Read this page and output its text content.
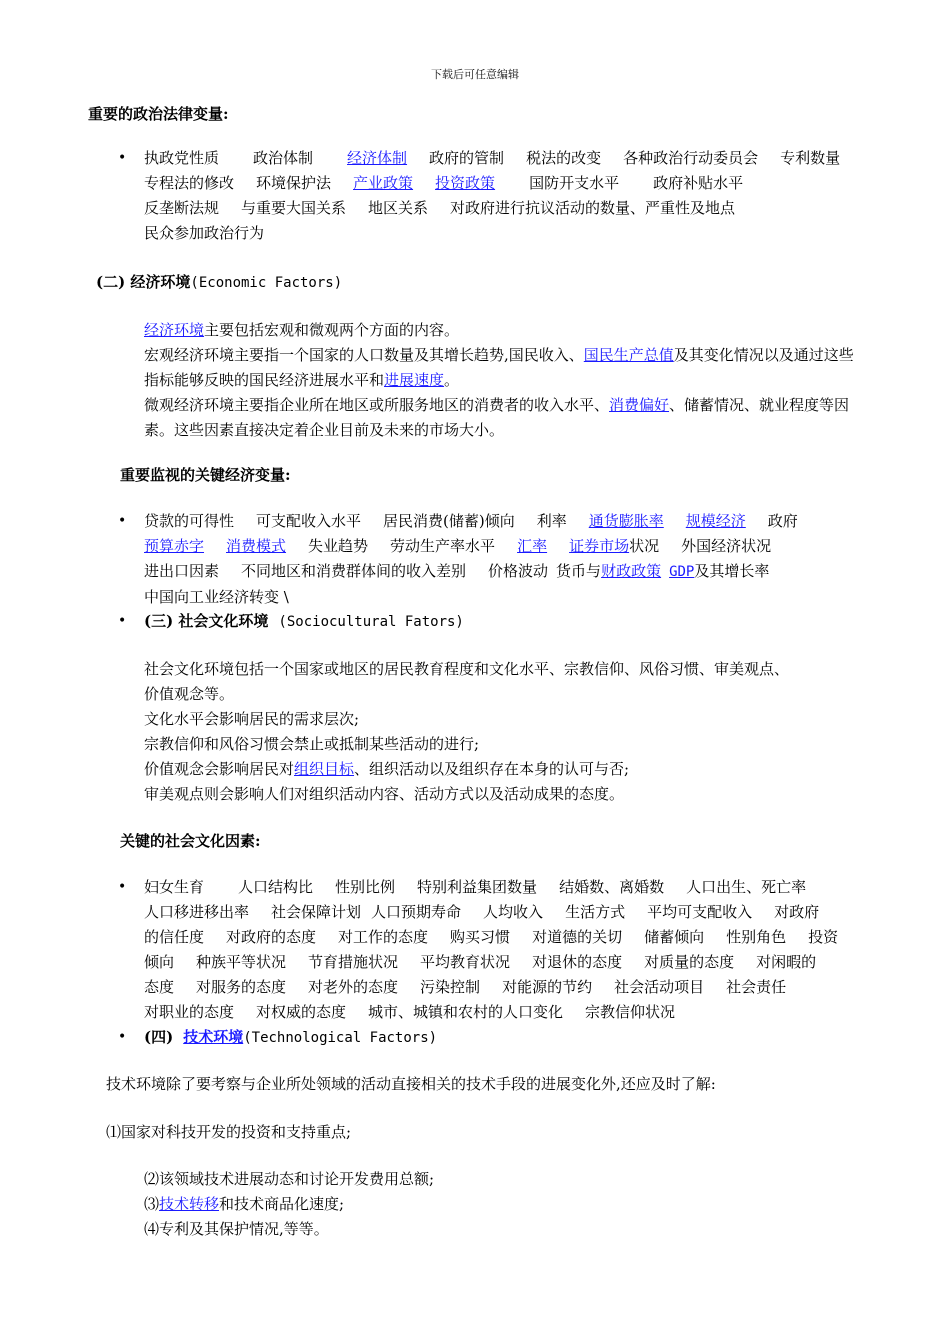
下载后可任意编辑
重要的政治法律变量:
• 执政党性质 政治体制 经济体制 政府的管制 税法的改变 各种政治行动委员会 专利数量
专程法的修改 环境保护法 产业政策 投资政策 国防开支水平 政府补贴水平
反垄断法规 与重要大国关系 地区关系 对政府进行抗议活动的数量、严重性及地点
民众参加政治行为
(二) 经济环境(Economic Factors)
经济环境主要包括宏观和微观两个方面的内容。
宏观经济环境主要指一个国家的人口数量及其增长趋势,国民收入、国民生产总值及其变化情况以及通过这些指标能够反映的国民经济进展水平和进展速度。
微观经济环境主要指企业所在地区或所服务地区的消费者的收入水平、消费偏好、储蓄情况、就业程度等因素。这些因素直接决定着企业目前及未来的市场大小。
重要监视的关键经济变量:
• 贷款的可得性 可支配收入水平 居民消费(储蓄)倾向 利率 通货膨胀率 规模经济 政府
预算赤字 消费模式 失业趋势 劳动生产率水平 汇率 证券市场状况 外国经济状况
进出口因素 不同地区和消费群体间的收入差别 价格波动 货币与财政政策 GDP及其增长率
中国向工业经济转变 \
• (三) 社会文化环境 (Sociocultural Fators)
社会文化环境包括一个国家或地区的居民教育程度和文化水平、宗教信仰、风俗习惯、审美观点、
价值观念等。
文化水平会影响居民的需求层次;
宗教信仰和风俗习惯会禁止或抵制某些活动的进行;
价值观念会影响居民对组织目标、组织活动以及组织存在本身的认可与否;
审美观点则会影响人们对组织活动内容、活动方式以及活动成果的态度。
关键的社会文化因素:
• 妇女生育 人口结构比 性别比例 特别利益集团数量 结婚数、离婚数 人口出生、死亡率
人口移进移出率 社会保障计划 人口预期寿命 人均收入 生活方式 平均可支配收入 对政府
的信任度 对政府的态度 对工作的态度 购买习惯 对道德的关切 储蓄倾向 性别角色 投资
倾向 种族平等状况 节育措施状况 平均教育状况 对退休的态度 对质量的态度 对闲暇的
态度 对服务的态度 对老外的态度 污染控制 对能源的节约 社会活动项目 社会责任
对职业的态度 对权威的态度 城市、城镇和农村的人口变化 宗教信仰状况
• (四) 技术环境(Technological Factors)
技术环境除了要考察与企业所处领域的活动直接相关的技术手段的进展变化外,还应及时了解:
⑴国家对科技开发的投资和支持重点;
⑵该领域技术进展动态和讨论开发费用总额;
⑶技术转移和技术商品化速度;
⑷专利及其保护情况,等等。
